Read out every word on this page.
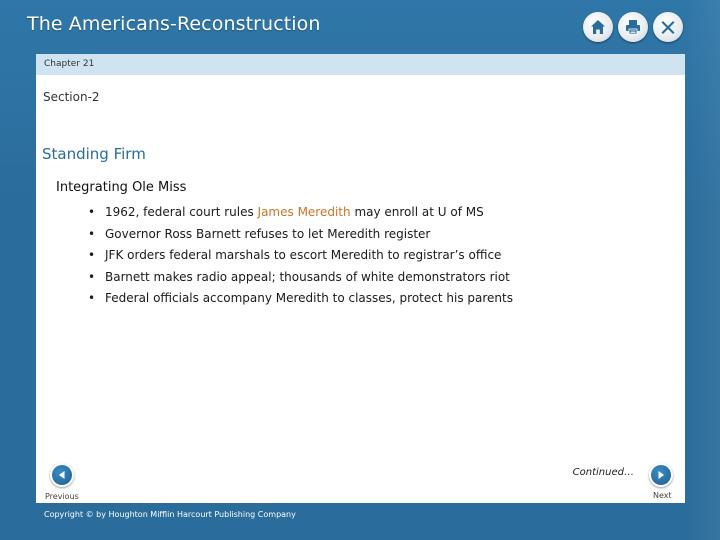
The Americans-Reconstruction
Chapter 21
Section-2
Standing Firm
Integrating Ole Miss
• 1962, federal court rules James Meredith may enroll at U of MS
• Governor Ross Barnett refuses to let Meredith register
• JFK orders federal marshals to escort Meredith to registrar’s office
• Barnett makes radio appeal; thousands of white demonstrators riot
• Federal officials accompany Meredith to classes, protect his parents
Continued…
Previous	Next
Copyright © by Houghton Mifflin Harcourt Publishing Company
